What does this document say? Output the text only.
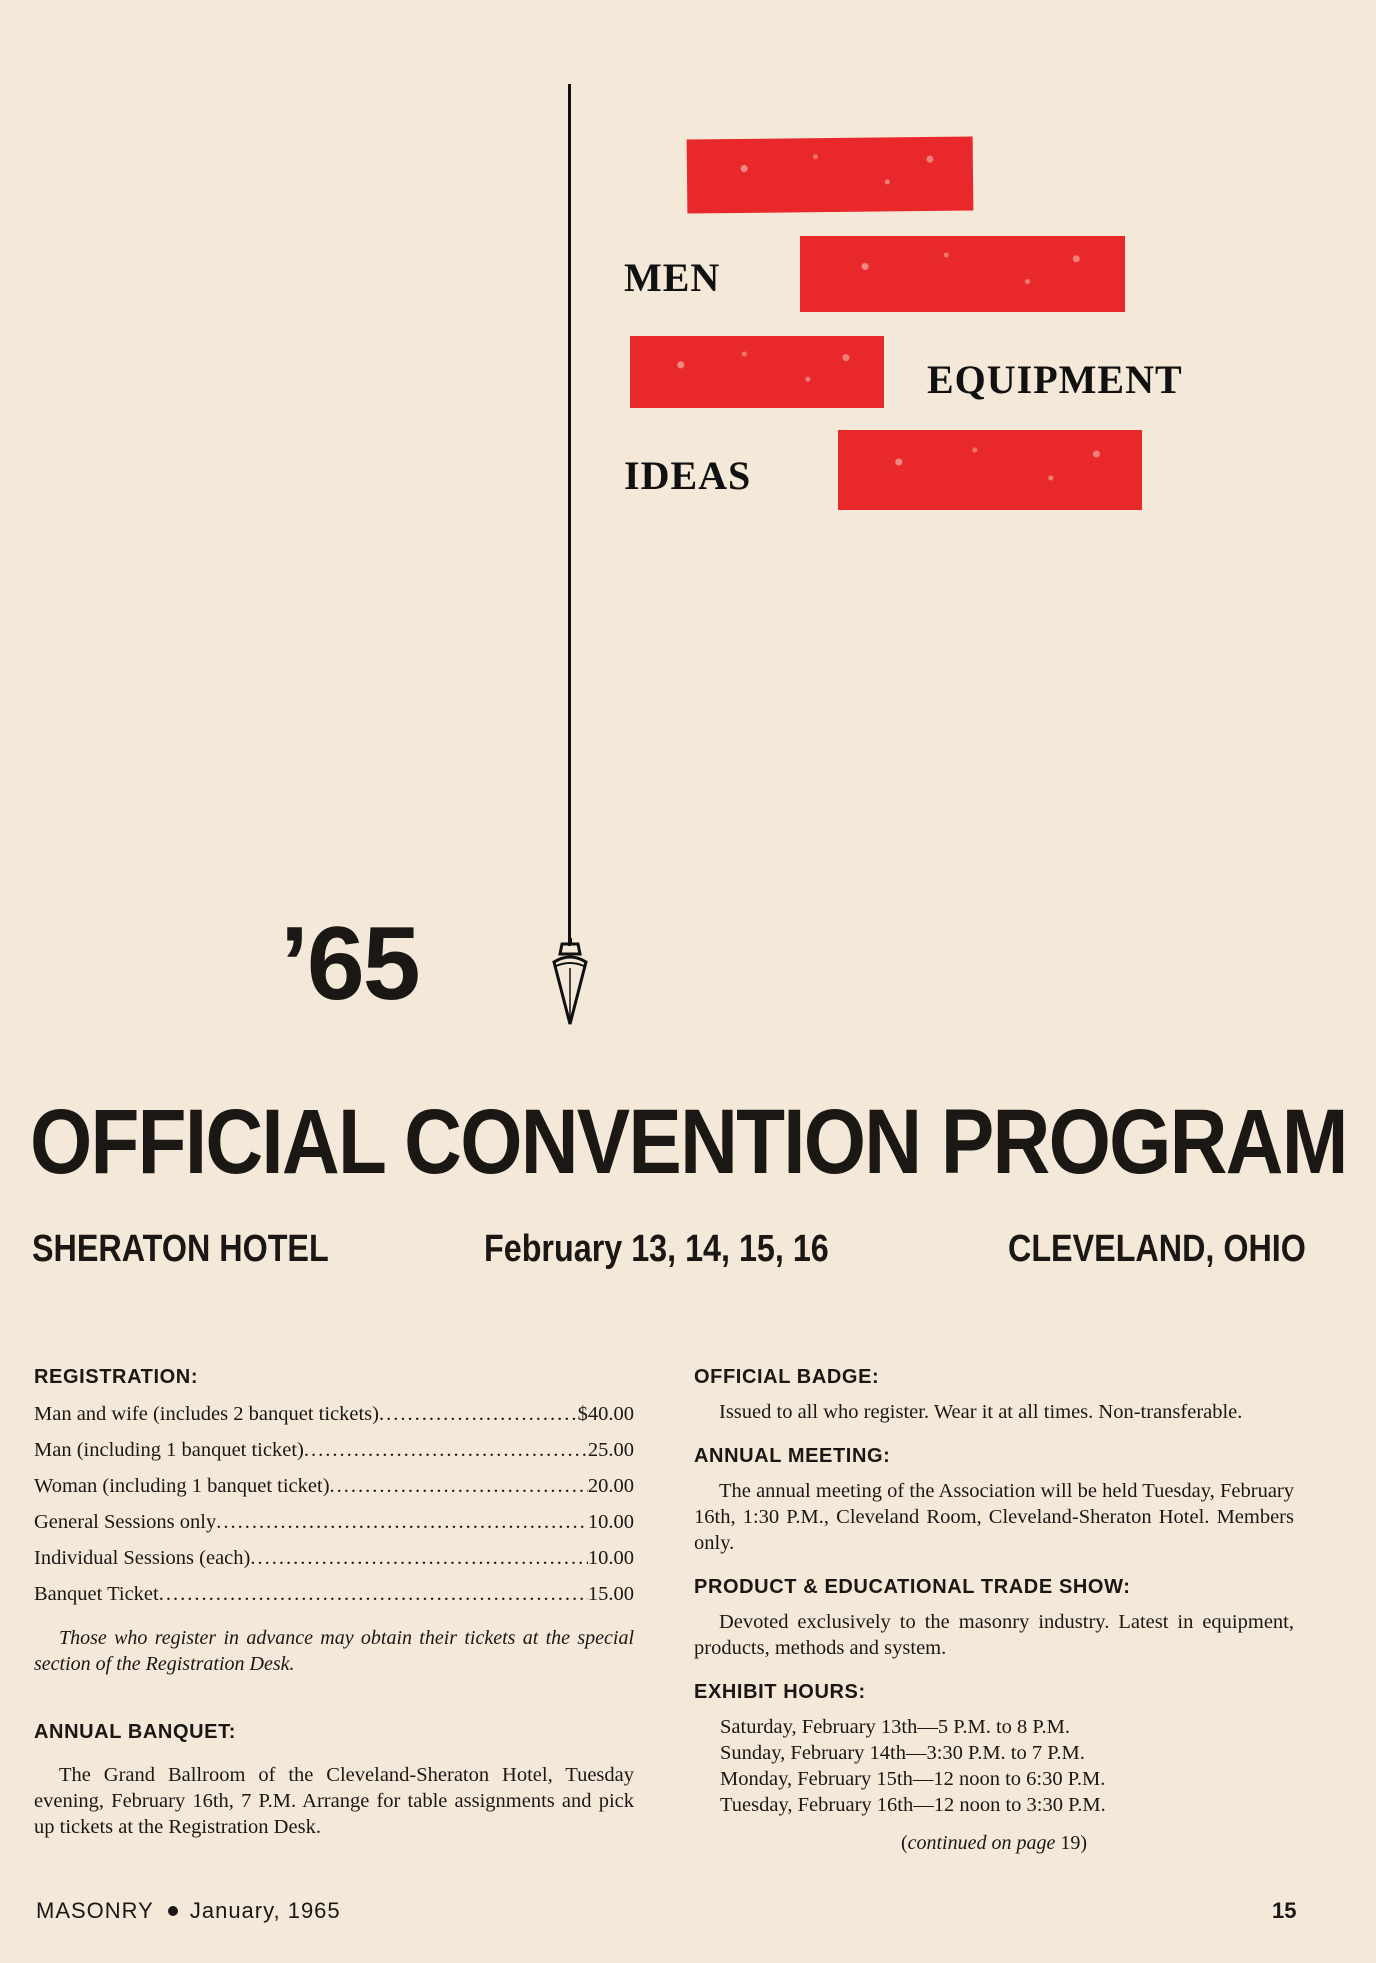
MEN
EQUIPMENT
IDEAS
’65
OFFICIAL CONVENTION PROGRAM
SHERATON HOTEL	February 13, 14, 15, 16	CLEVELAND, OHIO
REGISTRATION:
Man and wife (includes 2 banquet tickets) .....	$40.00
Man (including 1 banquet ticket) .....	25.00
Woman (including 1 banquet ticket) .....	20.00
General Sessions only .....	10.00
Individual Sessions (each) .....	10.00
Banquet Ticket .....	15.00

Those who register in advance may obtain their tickets at the special section of the Registration Desk.

ANNUAL BANQUET:

The Grand Ballroom of the Cleveland-Sheraton Hotel, Tuesday evening, February 16th, 7 P.M. Arrange for table assignments and pick up tickets at the Registration Desk.

OFFICIAL BADGE:

Issued to all who register. Wear it at all times. Non-transferable.

ANNUAL MEETING:

The annual meeting of the Association will be held Tuesday, February 16th, 1:30 P.M., Cleveland Room, Cleveland-Sheraton Hotel. Members only.

PRODUCT & EDUCATIONAL TRADE SHOW:

Devoted exclusively to the masonry industry. Latest in equipment, products, methods and system.

EXHIBIT HOURS:

Saturday, February 13th—5 P.M. to 8 P.M.

Sunday, February 14th—3:30 P.M. to 7 P.M.

Monday, February 15th—12 noon to 6:30 P.M.

Tuesday, February 16th—12 noon to 3:30 P.M.

(continued on page 19)
MASONRY January, 1965	15
